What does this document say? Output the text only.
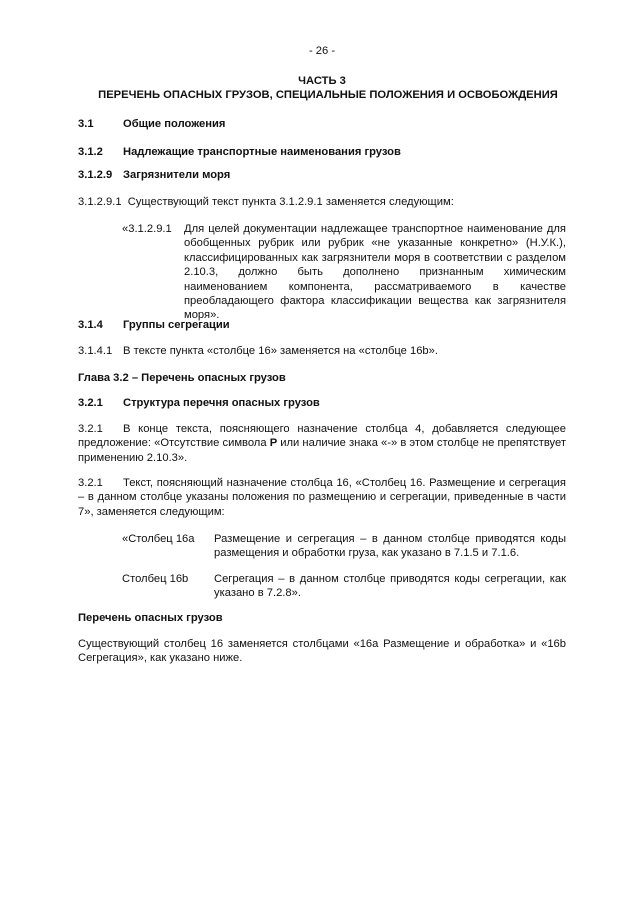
- 26 -
ЧАСТЬ 3
ПЕРЕЧЕНЬ ОПАСНЫХ ГРУЗОВ, СПЕЦИАЛЬНЫЕ ПОЛОЖЕНИЯ И ОСВОБОЖДЕНИЯ
3.1	Общие положения
3.1.2 Надлежащие транспортные наименования грузов
3.1.2.9 Загрязнители моря
3.1.2.9.1  Существующий текст пункта 3.1.2.9.1 заменяется следующим:
«3.1.2.9.1 Для целей документации надлежащее транспортное наименование для обобщенных рубрик или рубрик «не указанные конкретно» (Н.У.К.), классифицированных как загрязнители моря в соответствии с разделом 2.10.3, должно быть дополнено признанным химическим наименованием компонента, рассматриваемого в качестве преобладающего фактора классификации вещества как загрязнителя моря».
3.1.4 Группы сегрегации
3.1.4.1 В тексте пункта «столбце 16» заменяется на «столбце 16b».
Глава 3.2 – Перечень опасных грузов
3.2.1 Структура перечня опасных грузов
3.2.1 В конце текста, поясняющего назначение столбца 4, добавляется следующее предложение: «Отсутствие символа P или наличие знака «-» в этом столбце не препятствует применению 2.10.3».
3.2.1 Текст, поясняющий назначение столбца 16, «Столбец 16. Размещение и сегрегация – в данном столбце указаны положения по размещению и сегрегации, приведенные в части 7», заменяется следующим:
«Столбец 16a Размещение и сегрегация – в данном столбце приводятся коды размещения и обработки груза, как указано в 7.1.5 и 7.1.6.
Столбец 16b Сегрегация – в данном столбце приводятся коды сегрегации, как указано в 7.2.8».
Перечень опасных грузов
Существующий столбец 16 заменяется столбцами «16a Размещение и обработка» и «16b Сегрегация», как указано ниже.
